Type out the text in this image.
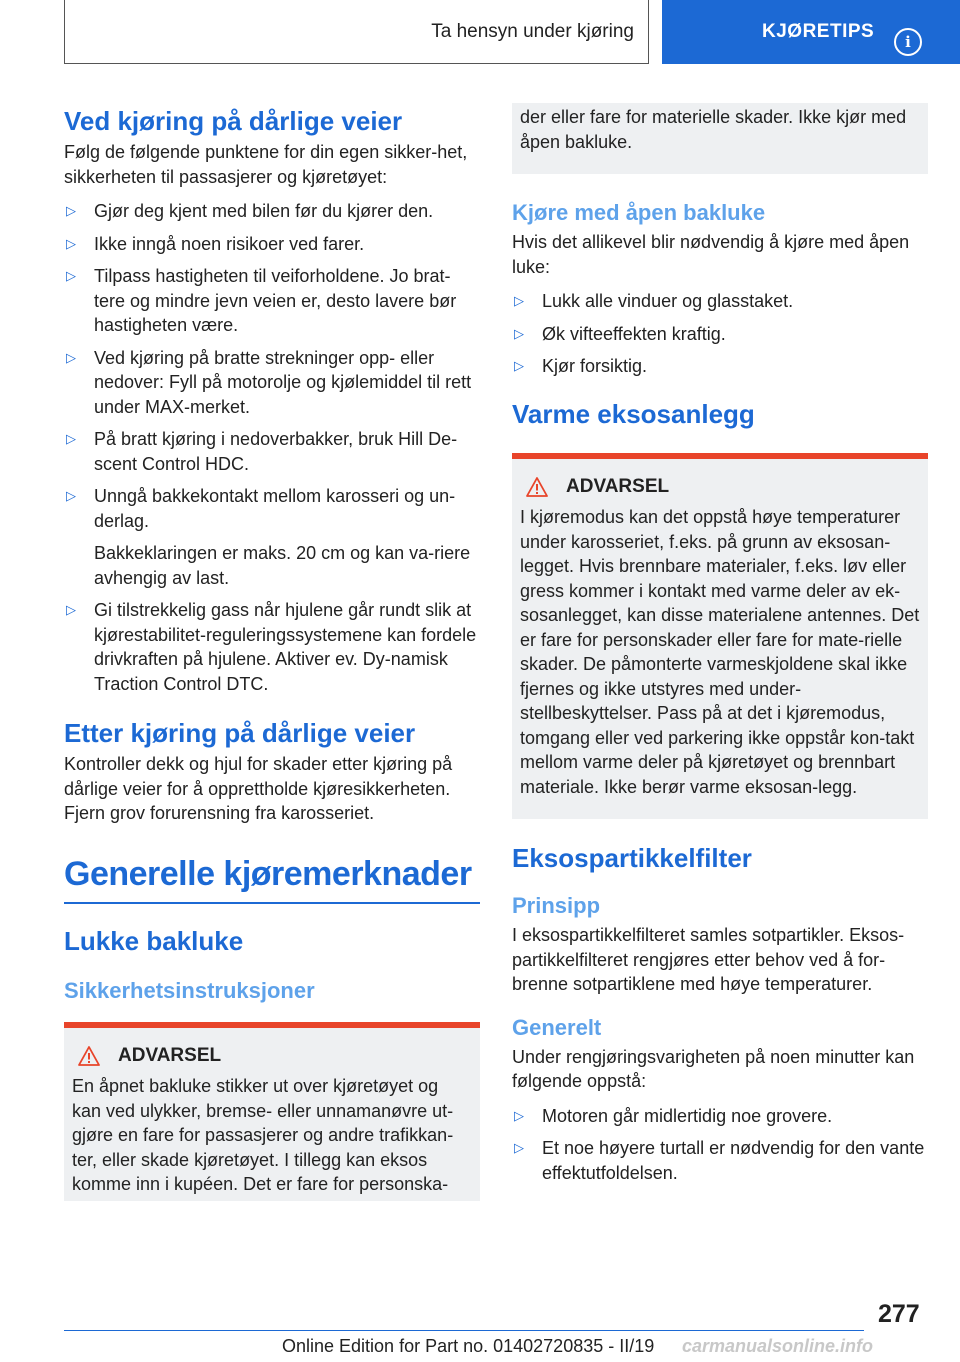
Ta hensyn under kjøring	KJØRETIPS	i
Ved kjøring på dårlige veier

Følg de følgende punktene for din egen sikker-het, sikkerheten til passasjerer og kjøretøyet:

▷ Gjør deg kjent med bilen før du kjører den.
▷ Ikke inngå noen risikoer ved farer.
▷ Tilpass hastigheten til veiforholdene. Jo brat-tere og mindre jevn veien er, desto lavere bør hastigheten være.
▷ Ved kjøring på bratte strekninger opp- eller nedover: Fyll på motorolje og kjølemiddel til rett under MAX-merket.
▷ På bratt kjøring i nedoverbakker, bruk Hill De-scent Control HDC.
▷ Unngå bakkekontakt mellom karosseri og un-derlag.
Bakkeklaringen er maks. 20 cm og kan va-riere avhengig av last.
▷ Gi tilstrekkelig gass når hjulene går rundt slik at kjørestabilitet-reguleringssystemene kan fordele drivkraften på hjulene. Aktiver ev. Dy-namisk Traction Control DTC.
Etter kjøring på dårlige veier

Kontroller dekk og hjul for skader etter kjøring på dårlige veier for å opprettholde kjøresikkerheten. Fjern grov forurensning fra karosseriet.

Generelle kjøremerknader
Lukke bakluke
Sikkerhetsinstruksjoner
ADVARSEL
En åpnet bakluke stikker ut over kjøretøyet og kan ved ulykker, bremse- eller unnamanøvre ut-gjøre en fare for passasjerer og andre trafikkan-ter, eller skade kjøretøyet. I tillegg kan eksos komme inn i kupéen. Det er fare for personska-
der eller fare for materielle skader. Ikke kjør med åpen bakluke.
Kjøre med åpen bakluke

Hvis det allikevel blir nødvendig å kjøre med åpen luke:

▷ Lukk alle vinduer og glasstaket.
▷ Øk vifteeffekten kraftig.
▷ Kjør forsiktig.
Varme eksosanlegg
ADVARSEL
I kjøremodus kan det oppstå høye temperaturer under karosseriet, f.eks. på grunn av eksosan-legget. Hvis brennbare materialer, f.eks. løv eller gress kommer i kontakt med varme deler av ek-sosanlegget, kan disse materialene antennes. Det er fare for personskader eller fare for mate-rielle skader. De påmonterte varmeskjoldene skal ikke fjernes og ikke utstyres med under-stellbeskyttelser. Pass på at det i kjøremodus, tomgang eller ved parkering ikke oppstår kon-takt mellom varme deler på kjøretøyet og brennbart materiale. Ikke berør varme eksosan-legg.
Eksospartikkelfilter
Prinsipp

I eksospartikkelfilteret samles sotpartikler. Eksos-partikkelfilteret rengjøres etter behov ved å for-brenne sotpartiklene med høye temperaturer.

Generelt

Under rengjøringsvarigheten på noen minutter kan følgende oppstå:

▷ Motoren går midlertidig noe grovere.
▷ Et noe høyere turtall er nødvendig for den vante effektutfoldelsen.
277
Online Edition for Part no. 01402720835 - II/19 carmanualsonline.info
